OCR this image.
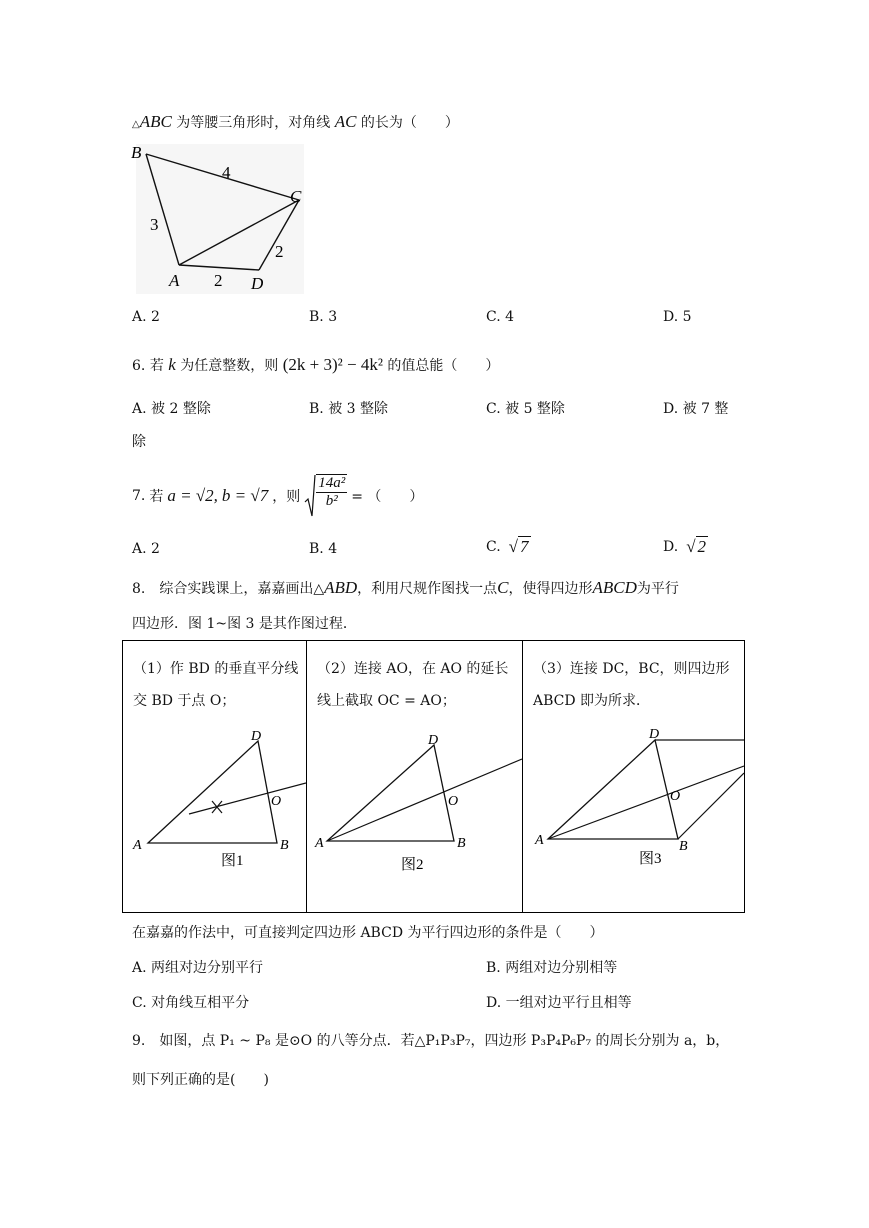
△ABC 为等腰三角形时，对角线 AC 的长为（　　）
B
C
A	D
4
3
2
2
A. 2	B. 3	C. 4	D. 5
6. 若 k 为任意整数，则 (2k + 3)² − 4k² 的值总能（　　）
A. 被 2 整除	B. 被 3 整除	C. 被 5 整除	D. 被 7 整
除
7. 若 a = √2, b = √7 ，则 $\frac{\text{14a²}}{\text{b²}}$ = （　　）
A. 2	B. 4	C. √ 7	D. √ 2
8.　综合实践课上，嘉嘉画出△ABD，利用尺规作图找一点C，使得四边形ABCD为平行
四边形．图 1~图 3 是其作图过程．
（1）作 BD 的垂直平分线交 BD 于点 O；
D
O
A	B
图1
（2）连接 AO，在 AO 的延长线上截取 OC = AO；
D
O
A	B
图2
（3）连接 DC，BC，则四边形 ABCD 即为所求．
D
O
A	B
图3
在嘉嘉的作法中，可直接判定四边形 ABCD 为平行四边形的条件是（　　）
A. 两组对边分别平行	B. 两组对边分别相等
C. 对角线互相平分	D. 一组对边平行且相等
9.　如图，点 P₁ ~ P₈ 是⊙O 的八等分点．若△P₁P₃P₇，四边形 P₃P₄P₆P₇ 的周长分别为 a，b，
则下列正确的是(　　)
